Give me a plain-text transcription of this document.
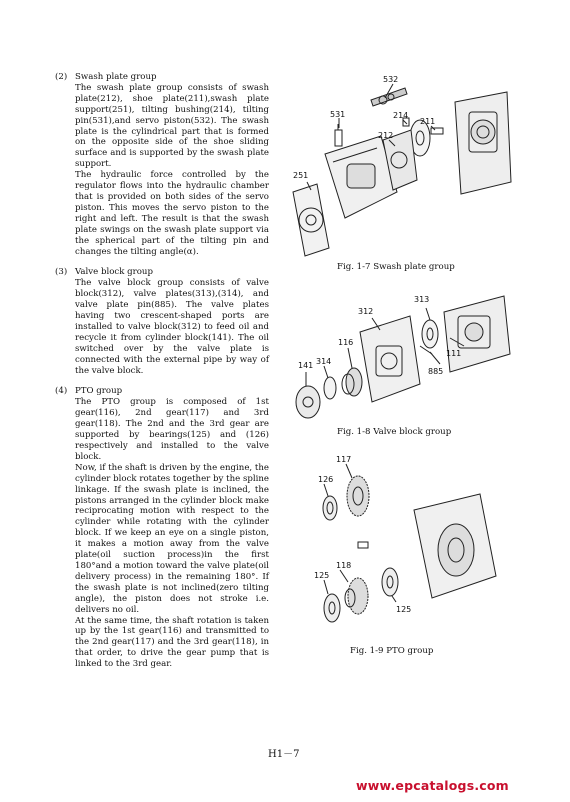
(2) Swash plate group

The swash plate group consists of swash plate(212), shoe plate(211),swash plate support(251), tilting bushing(214), tilting pin(531),and servo piston(532). The swash plate is the cylindrical part that is formed on the opposite side of the shoe sliding surface and is supported by the swash plate support.

The hydraulic force controlled by the regulator flows into the hydraulic chamber that is provided on both sides of the servo piston. This moves the servo piston to the right and left. The result is that the swash plate swings on the swash plate support via the spherical part of the tilting pin and changes the tilting angle(α).

(3) Valve block group

The valve block group consists of valve block(312), valve plates(313),(314), and valve plate pin(885). The valve plates having two crescent-shaped ports are installed to valve block(312) to feed oil and recycle it from cylinder block(141). The oil switched over by the valve plate is connected with the external pipe by way of the valve block.

(4) PTO group

The PTO group is composed of 1st gear(116), 2nd gear(117) and 3rd gear(118). The 2nd and the 3rd gear are supported by bearings(125) and (126) respectively and installed to the valve block.

Now, if the shaft is driven by the engine, the cylinder block rotates together by the spline linkage. If the swash plate is inclined, the pistons arranged in the cylinder block make reciprocating motion with respect to the cylinder while rotating with the cylinder block. If we keep an eye on a single piston, it makes a motion away from the valve plate(oil suction process)in the first 180°and a motion toward the valve plate(oil delivery process) in the remaining 180°. If the swash plate is not inclined(zero tilting angle), the piston does not stroke i.e. delivers no oil.

At the same time, the shaft rotation is taken up by the 1st gear(116) and transmitted to the 2nd gear(117) and the 3rd gear(118), in that order, to drive the gear pump that is linked to the 3rd gear.

532
531	214
212
211
251
Fig. 1-7 Swash plate group
313
312
116
141 314
111
885
Fig. 1-8 Valve block group
117
126
118
125
125
Fig. 1-9 PTO group
H1－7
www.epcatalogs.com
